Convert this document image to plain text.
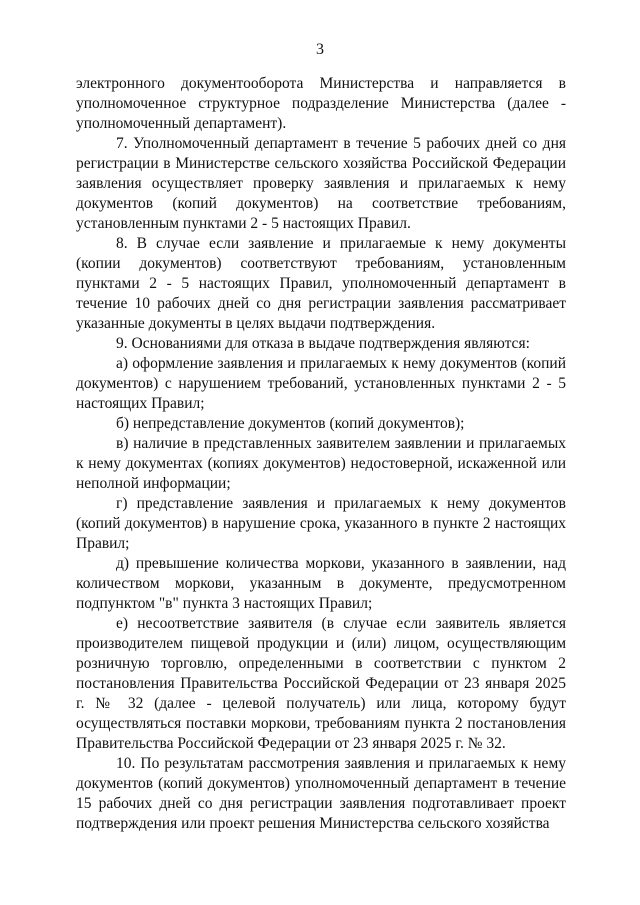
3

электронного документооборота Министерства и направляется в уполномоченное структурное подразделение Министерства (далее - уполномоченный департамент).

7. Уполномоченный департамент в течение 5 рабочих дней со дня регистрации в Министерстве сельского хозяйства Российской Федерации заявления осуществляет проверку заявления и прилагаемых к нему документов (копий документов) на соответствие требованиям, установленным пунктами 2 - 5 настоящих Правил.

8. В случае если заявление и прилагаемые к нему документы (копии документов) соответствуют требованиям, установленным пунктами 2 - 5 настоящих Правил, уполномоченный департамент в течение 10 рабочих дней со дня регистрации заявления рассматривает указанные документы в целях выдачи подтверждения.

9. Основаниями для отказа в выдаче подтверждения являются:

а) оформление заявления и прилагаемых к нему документов (копий документов) с нарушением требований, установленных пунктами 2 - 5 настоящих Правил;

б) непредставление документов (копий документов);

в) наличие в представленных заявителем заявлении и прилагаемых к нему документах (копиях документов) недостоверной, искаженной или неполной информации;

г) представление заявления и прилагаемых к нему документов (копий документов) в нарушение срока, указанного в пункте 2 настоящих Правил;

д) превышение количества моркови, указанного в заявлении, над количеством моркови, указанным в документе, предусмотренном подпунктом "в" пункта 3 настоящих Правил;

е) несоответствие заявителя (в случае если заявитель является производителем пищевой продукции и (или) лицом, осуществляющим розничную торговлю, определенными в соответствии с пунктом 2 постановления Правительства Российской Федерации от 23 января 2025 г. № 32 (далее - целевой получатель) или лица, которому будут осуществляться поставки моркови, требованиям пункта 2 постановления Правительства Российской Федерации от 23 января 2025 г. № 32.

10. По результатам рассмотрения заявления и прилагаемых к нему документов (копий документов) уполномоченный департамент в течение 15 рабочих дней со дня регистрации заявления подготавливает проект подтверждения или проект решения Министерства сельского хозяйства
